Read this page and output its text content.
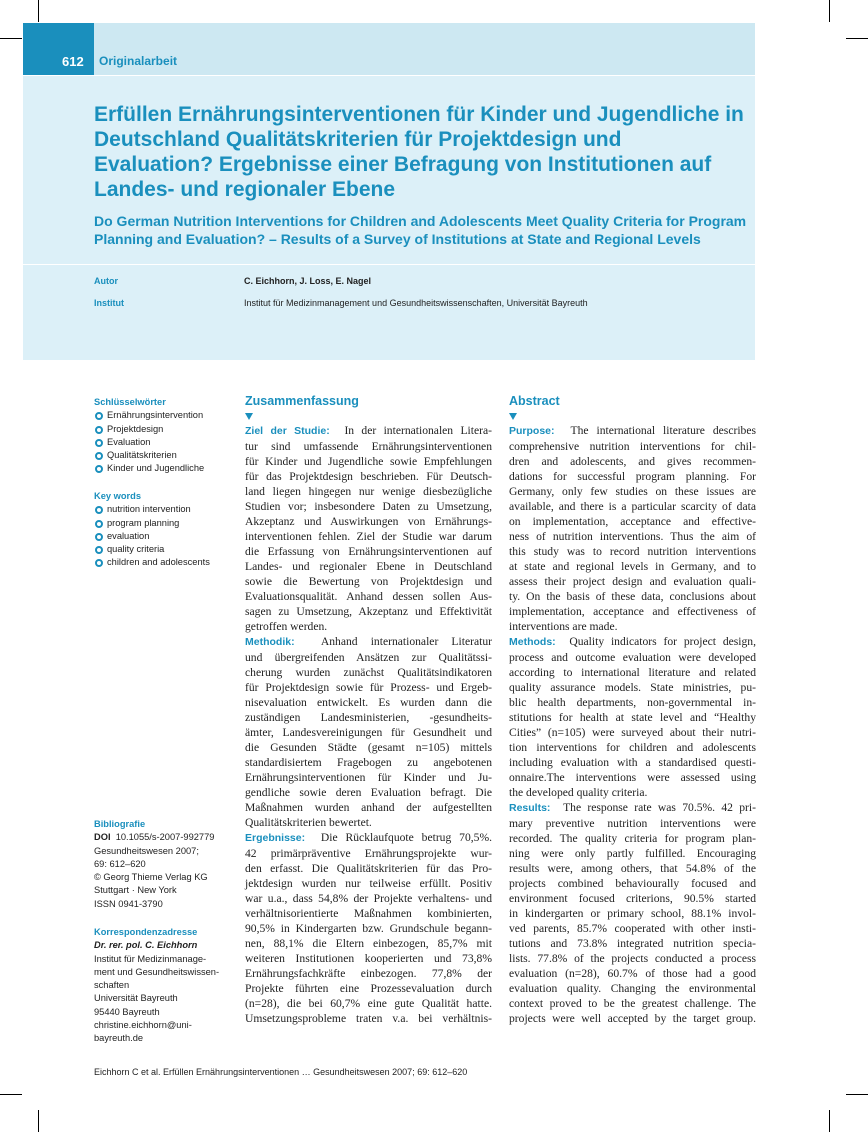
612	Originalarbeit
Erfüllen Ernährungsinterventionen für Kinder und Jugendliche in Deutschland Qualitätskriterien für Projektdesign und Evaluation? Ergebnisse einer Befragung von Institutionen auf Landes- und regionaler Ebene
Do German Nutrition Interventions for Children and Adolescents Meet Quality Criteria for Program Planning and Evaluation? – Results of a Survey of Institutions at State and Regional Levels
Autor	C. Eichhorn, J. Loss, E. Nagel
Institut	Institut für Medizinmanagement und Gesundheitswissenschaften, Universität Bayreuth
Schlüsselwörter
Ernährungsintervention
Projektdesign
Evaluation
Qualitätskriterien
Kinder und Jugendliche
Key words
nutrition intervention
program planning
evaluation
quality criteria
children and adolescents
Bibliografie
DOI 10.1055/s-2007-992779
Gesundheitswesen 2007;
69: 612–620
© Georg Thieme Verlag KG
Stuttgart · New York
ISSN 0941-3790
Korrespondenzadresse
Dr. rer. pol. C. Eichhorn
Institut für Medizinmanage-
ment und Gesundheitswissen-
schaften
Universität Bayreuth
95440 Bayreuth
christine.eichhorn@uni-
bayreuth.de
Zusammenfassung
Ziel der Studie:  In der internationalen Litera-
tur sind umfassende Ernährungsinterventionen
für Kinder und Jugendliche sowie Empfehlungen
für das Projektdesign beschrieben. Für Deutsch-
land liegen hingegen nur wenige diesbezügliche
Studien vor; insbesondere Daten zu Umsetzung,
Akzeptanz und Auswirkungen von Ernährungs-
interventionen fehlen. Ziel der Studie war darum
die Erfassung von Ernährungsinterventionen auf
Landes- und regionaler Ebene in Deutschland
sowie die Bewertung von Projektdesign und
Evaluationsqualität. Anhand dessen sollen Aus-
sagen zu Umsetzung, Akzeptanz und Effektivität
getroffen werden.
Methodik:  Anhand internationaler Literatur
und übergreifenden Ansätzen zur Qualitätssi-
cherung wurden zunächst Qualitätsindikatoren
für Projektdesign sowie für Prozess- und Ergeb-
nisevaluation entwickelt. Es wurden dann die
zuständigen Landesministerien, -gesundheits-
ämter, Landesvereinigungen für Gesundheit und
die Gesunden Städte (gesamt n=105) mittels
standardisiertem Fragebogen zu angebotenen
Ernährungsinterventionen für Kinder und Ju-
gendliche sowie deren Evaluation befragt. Die
Maßnahmen wurden anhand der aufgestellten
Qualitätskriterien bewertet.
Ergebnisse:  Die Rücklaufquote betrug 70,5%.
42 primärpräventive Ernährungsprojekte wur-
den erfasst. Die Qualitätskriterien für das Pro-
jektdesign wurden nur teilweise erfüllt. Positiv
war u.a., dass 54,8% der Projekte verhaltens- und
verhältnisorientierte Maßnahmen kombinierten,
90,5% in Kindergarten bzw. Grundschule begann-
nen, 88,1% die Eltern einbezogen, 85,7% mit
weiteren Institutionen kooperierten und 73,8%
Ernährungsfachkräfte einbezogen. 77,8% der
Projekte führten eine Prozessevaluation durch
(n=28), die bei 60,7% eine gute Qualität hatte.
Umsetzungsprobleme traten v.a. bei verhältnis-
Abstract
Purpose:  The international literature describes
comprehensive nutrition interventions for chil-
dren and adolescents, and gives recommen-
dations for successful program planning. For
Germany, only few studies on these issues are
available, and there is a particular scarcity of data
on implementation, acceptance and effective-
ness of nutrition interventions. Thus the aim of
this study was to record nutrition interventions
at state and regional levels in Germany, and to
assess their project design and evaluation quali-
ty. On the basis of these data, conclusions about
implementation, acceptance and effectiveness of
interventions are made.
Methods:  Quality indicators for project design,
process and outcome evaluation were developed
according to international literature and related
quality assurance models. State ministries, pu-
blic health departments, non-governmental in-
stitutions for health at state level and “Healthy
Cities” (n=105) were surveyed about their nutri-
tion interventions for children and adolescents
including evaluation with a standardised questi-
onnaire.The interventions were assessed using
the developed quality criteria.
Results:  The response rate was 70.5%. 42 pri-
mary preventive nutrition interventions were
recorded. The quality criteria for program plan-
ning were only partly fulfilled. Encouraging
results were, among others, that 54.8% of the
projects combined behaviourally focused and
environment focused criterions, 90.5% started
in kindergarten or primary school, 88.1% invol-
ved parents, 85.7% cooperated with other insti-
tutions and 73.8% integrated nutrition specia-
lists. 77.8% of the projects conducted a process
evaluation (n=28), 60.7% of those had a good
evaluation quality. Changing the environmental
context proved to be the greatest challenge. The
projects were well accepted by the target group.
Eichhorn C et al. Erfüllen Ernährungsinterventionen … Gesundheitswesen 2007; 69: 612–620
